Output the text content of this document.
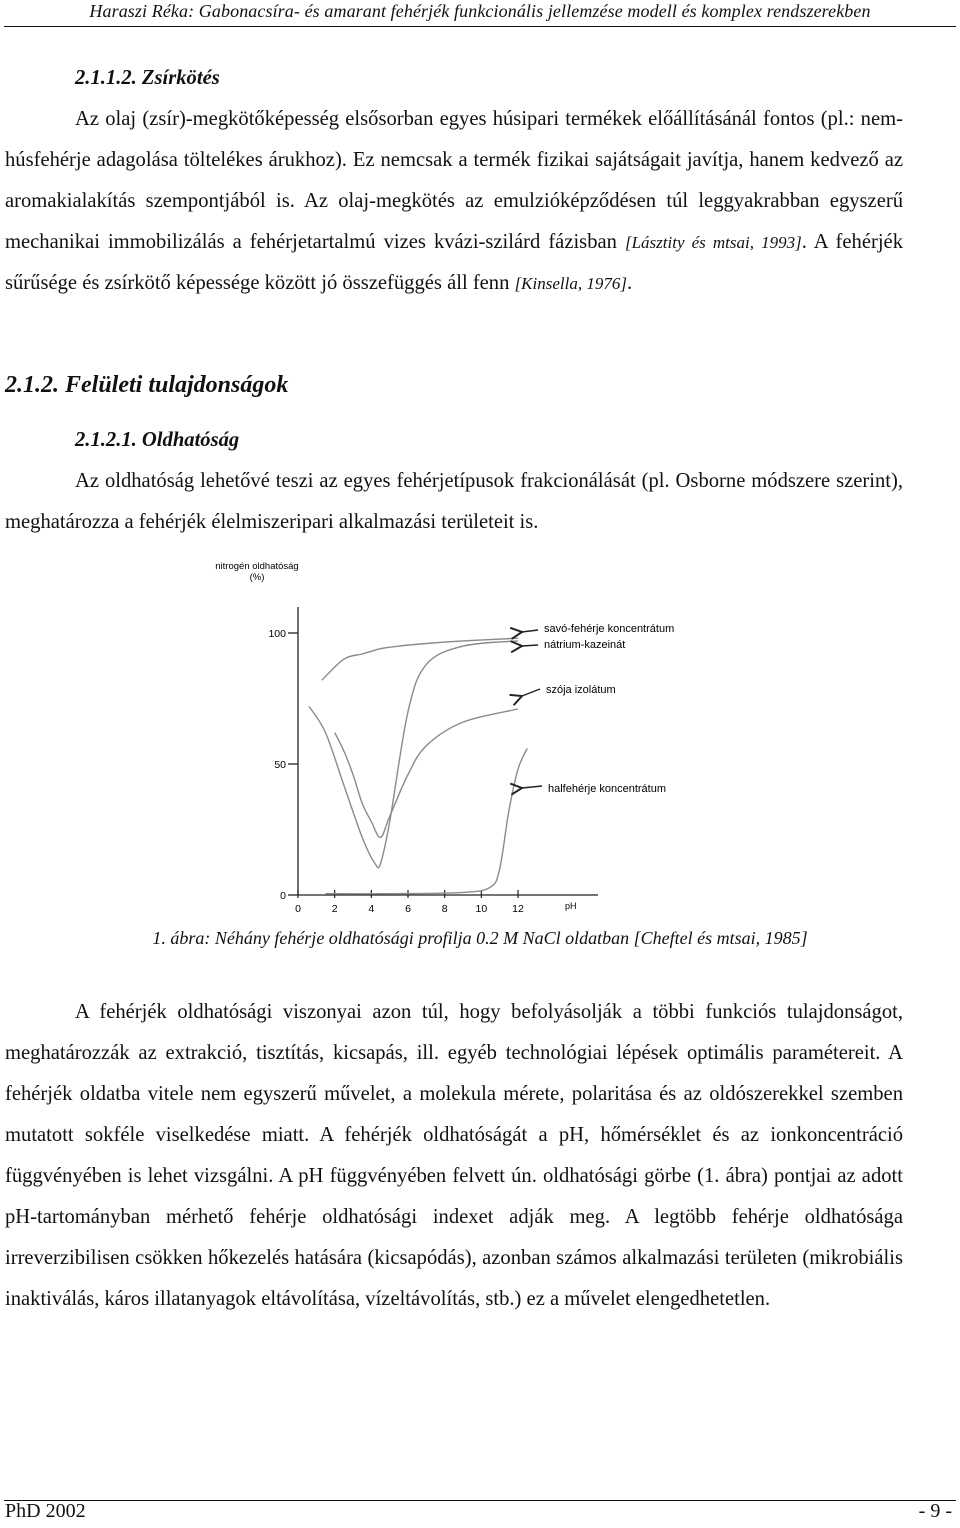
Haraszi Réka: Gabonacsíra- és amarant fehérjék funkcionális jellemzése modell és komplex rendszerekben

2.1.1.2. Zsírkötés

Az olaj (zsír)-megkötőképesség elsősorban egyes húsipari termékek előállításánál fontos (pl.: nem-húsfehérje adagolása töltelékes árukhoz). Ez nemcsak a termék fizikai sajátságait javítja, hanem kedvező az aromakialakítás szempontjából is. Az olaj-megkötés az emulzióképződésen túl leggyakrabban egyszerű mechanikai immobilizálás a fehérjetartalmú vizes kvázi-szilárd fázisban [Lásztity és mtsai, 1993]. A fehérjék sűrűsége és zsírkötő képessége között jó összefüggés áll fenn [Kinsella, 1976].

2.1.2. Felületi tulajdonságok

2.1.2.1. Oldhatóság

Az oldhatóság lehetővé teszi az egyes fehérjetípusok frakcionálását (pl. Osborne módszere szerint), meghatározza a fehérjék élelmiszeripari alkalmazási területeit is.

nitrogén oldhatóság
(%)
0
50
100
0	2	4	6	8	10 12	pH
savó-fehérje koncentrátum
nátrium-kazeinát
szója izolátum
halfehérje koncentrátum
1. ábra: Néhány fehérje oldhatósági profilja 0.2 M NaCl oldatban [Cheftel és mtsai, 1985]

A fehérjék oldhatósági viszonyai azon túl, hogy befolyásolják a többi funkciós tulajdonságot, meghatározzák az extrakció, tisztítás, kicsapás, ill. egyéb technológiai lépések optimális paramétereit. A fehérjék oldatba vitele nem egyszerű művelet, a molekula mérete, polaritása és az oldószerekkel szemben mutatott sokféle viselkedése miatt. A fehérjék oldhatóságát a pH, hőmérséklet és az ionkoncentráció függvényében is lehet vizsgálni. A pH függvényében felvett ún. oldhatósági görbe (1. ábra) pontjai az adott pH-tartományban mérhető fehérje oldhatósági indexet adják meg. A legtöbb fehérje oldhatósága irreverzibilisen csökken hőkezelés hatására (kicsapódás), azonban számos alkalmazási területen (mikrobiális inaktiválás, káros illatanyagok eltávolítása, vízeltávolítás, stb.) ez a művelet elengedhetetlen.

PhD 2002	- 9 -
